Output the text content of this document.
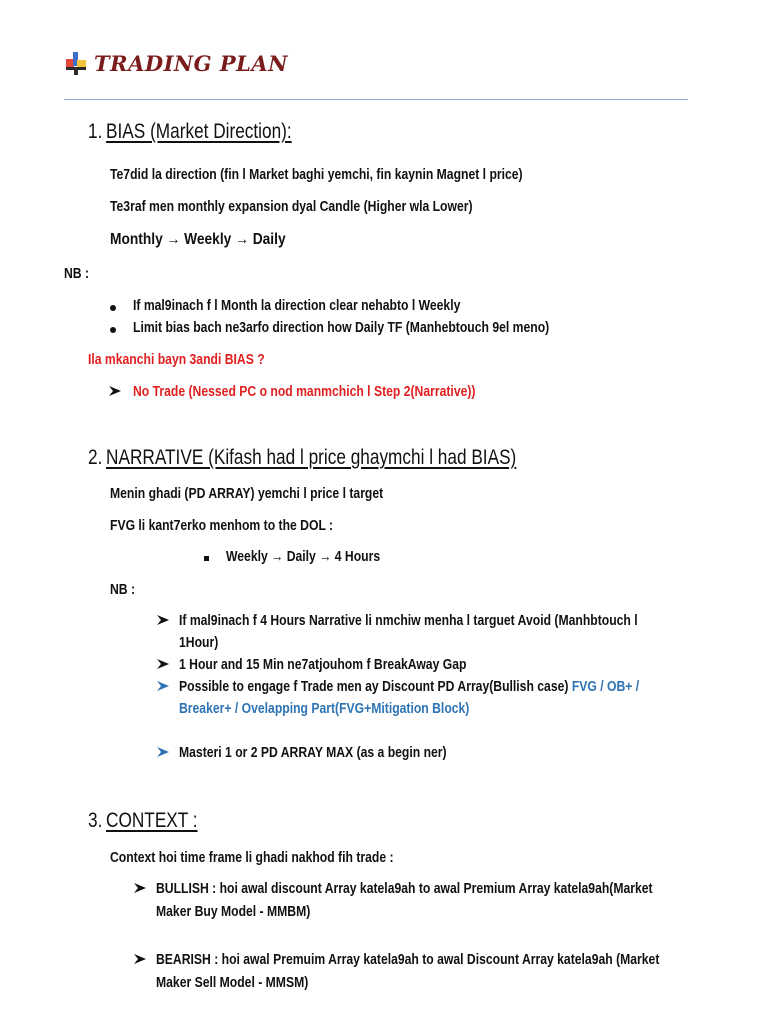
TRADING PLAN
1. BIAS (Market Direction):
Te7did la direction (fin l Market baghi yemchi, fin kaynin Magnet l price)
Te3raf men monthly expansion dyal Candle (Higher wla Lower)
Monthly → Weekly → Daily
NB :
If mal9inach f l Month la direction clear nehabto l Weekly
Limit bias bach ne3arfo direction how Daily TF (Manhebtouch 9el meno)
Ila mkanchi bayn 3andi BIAS ?
No Trade (Nessed PC o nod manmchich l Step 2(Narrative))
2. NARRATIVE (Kifash had l price ghaymchi l had BIAS)
Menin ghadi (PD ARRAY) yemchi l price l target
FVG li kant7erko menhom to the DOL :
Weekly → Daily → 4 Hours
NB :
If mal9inach f 4 Hours Narrative li nmchiw menha l targuet Avoid (Manhbtouch l
1Hour)
1 Hour and 15 Min ne7atjouhom f BreakAway Gap
Possible to engage f Trade men ay Discount PD Array(Bullish case) FVG / OB+ /
Breaker+ / Ovelapping Part(FVG+Mitigation Block)
Masteri 1 or 2 PD ARRAY MAX (as a begin ner)
3. CONTEXT :
Context hoi time frame li ghadi nakhod fih trade :
BULLISH : hoi awal discount Array katela9ah to awal Premium Array katela9ah(Market
Maker Buy Model - MMBM)
BEARISH : hoi awal Premuim Array katela9ah to awal Discount Array katela9ah (Market
Maker Sell Model - MMSM)
